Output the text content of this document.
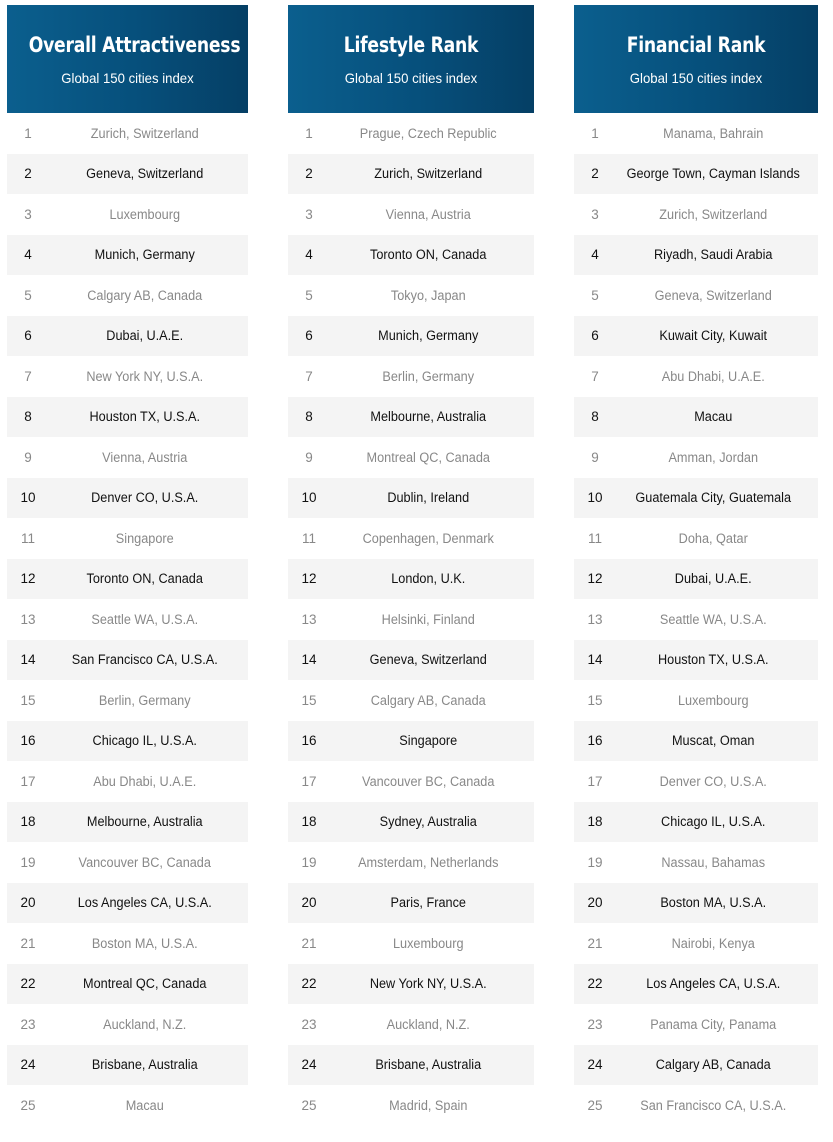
Overall Attractiveness
Global 150 cities index
1	Zurich, Switzerland
2	Geneva, Switzerland
3	Luxembourg
4	Munich, Germany
5	Calgary AB, Canada
6	Dubai, U.A.E.
7	New York NY, U.S.A.
8	Houston TX, U.S.A.
9	Vienna, Austria
10	Denver CO, U.S.A.
11	Singapore
12	Toronto ON, Canada
13	Seattle WA, U.S.A.
14	San Francisco CA, U.S.A.
15	Berlin, Germany
16	Chicago IL, U.S.A.
17	Abu Dhabi, U.A.E.
18	Melbourne, Australia
19	Vancouver BC, Canada
20	Los Angeles CA, U.S.A.
21	Boston MA, U.S.A.
22	Montreal QC, Canada
23	Auckland, N.Z.
24	Brisbane, Australia
25	Macau
Lifestyle Rank
Global 150 cities index
1	Prague, Czech Republic
2	Zurich, Switzerland
3	Vienna, Austria
4	Toronto ON, Canada
5	Tokyo, Japan
6	Munich, Germany
7	Berlin, Germany
8	Melbourne, Australia
9	Montreal QC, Canada
10	Dublin, Ireland
11	Copenhagen, Denmark
12	London, U.K.
13	Helsinki, Finland
14	Geneva, Switzerland
15	Calgary AB, Canada
16	Singapore
17	Vancouver BC, Canada
18	Sydney, Australia
19	Amsterdam, Netherlands
20	Paris, France
21	Luxembourg
22	New York NY, U.S.A.
23	Auckland, N.Z.
24	Brisbane, Australia
25	Madrid, Spain
Financial Rank
Global 150 cities index
1	Manama, Bahrain
2	George Town, Cayman Islands
3	Zurich, Switzerland
4	Riyadh, Saudi Arabia
5	Geneva, Switzerland
6	Kuwait City, Kuwait
7	Abu Dhabi, U.A.E.
8	Macau
9	Amman, Jordan
10	Guatemala City, Guatemala
11	Doha, Qatar
12	Dubai, U.A.E.
13	Seattle WA, U.S.A.
14	Houston TX, U.S.A.
15	Luxembourg
16	Muscat, Oman
17	Denver CO, U.S.A.
18	Chicago IL, U.S.A.
19	Nassau, Bahamas
20	Boston MA, U.S.A.
21	Nairobi, Kenya
22	Los Angeles CA, U.S.A.
23	Panama City, Panama
24	Calgary AB, Canada
25	San Francisco CA, U.S.A.
